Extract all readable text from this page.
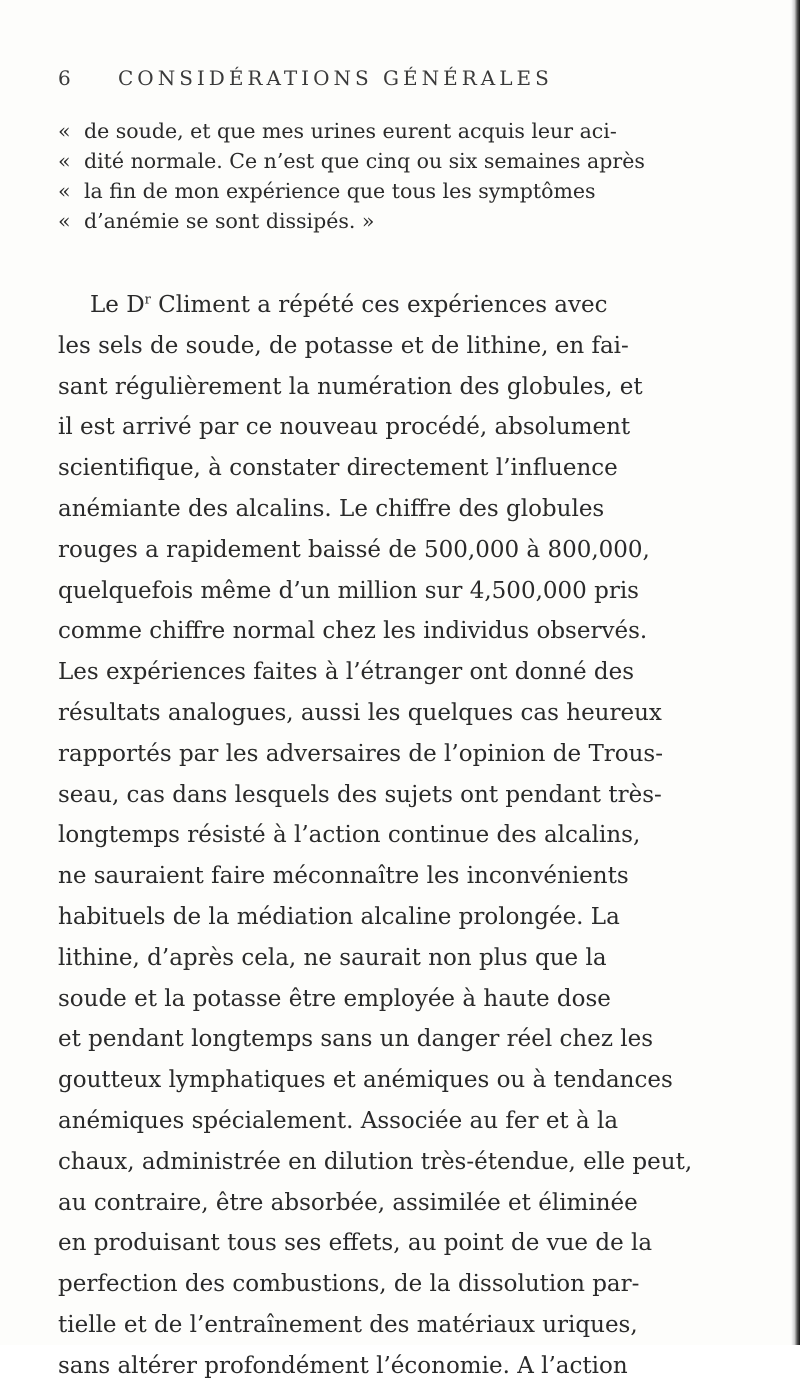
6 CONSIDÉRATIONS GÉNÉRALES
« de soude, et que mes urines eurent acquis leur aci-
« dité normale. Ce n’est que cinq ou six semaines après
« la fin de mon expérience que tous les symptômes
« d’anémie se sont dissipés. »
Le $D^r$ Climent a répété ces expériences avec
les sels de soude, de potasse et de lithine, en fai-
sant régulièrement la numération des globules, et
il est arrivé par ce nouveau procédé, absolument
scientifique, à constater directement l’influence
anémiante des alcalins. Le chiffre des globules
rouges a rapidement baissé de 500,000 à 800,000,
quelquefois même d’un million sur 4,500,000 pris
comme chiffre normal chez les individus observés.
Les expériences faites à l’étranger ont donné des
résultats analogues, aussi les quelques cas heureux
rapportés par les adversaires de l’opinion de Trous-
seau, cas dans lesquels des sujets ont pendant très-
longtemps résisté à l’action continue des alcalins,
ne sauraient faire méconnaître les inconvénients
habituels de la médiation alcaline prolongée. La
lithine, d’après cela, ne saurait non plus que la
soude et la potasse être employée à haute dose
et pendant longtemps sans un danger réel chez les
goutteux lymphatiques et anémiques ou à tendances
anémiques spécialement. Associée au fer et à la
chaux, administrée en dilution très-étendue, elle peut,
au contraire, être absorbée, assimilée et éliminée
en produisant tous ses effets, au point de vue de la
perfection des combustions, de la dissolution par-
tielle et de l’entraînement des matériaux uriques,
sans altérer profondément l’économie. A l’action
